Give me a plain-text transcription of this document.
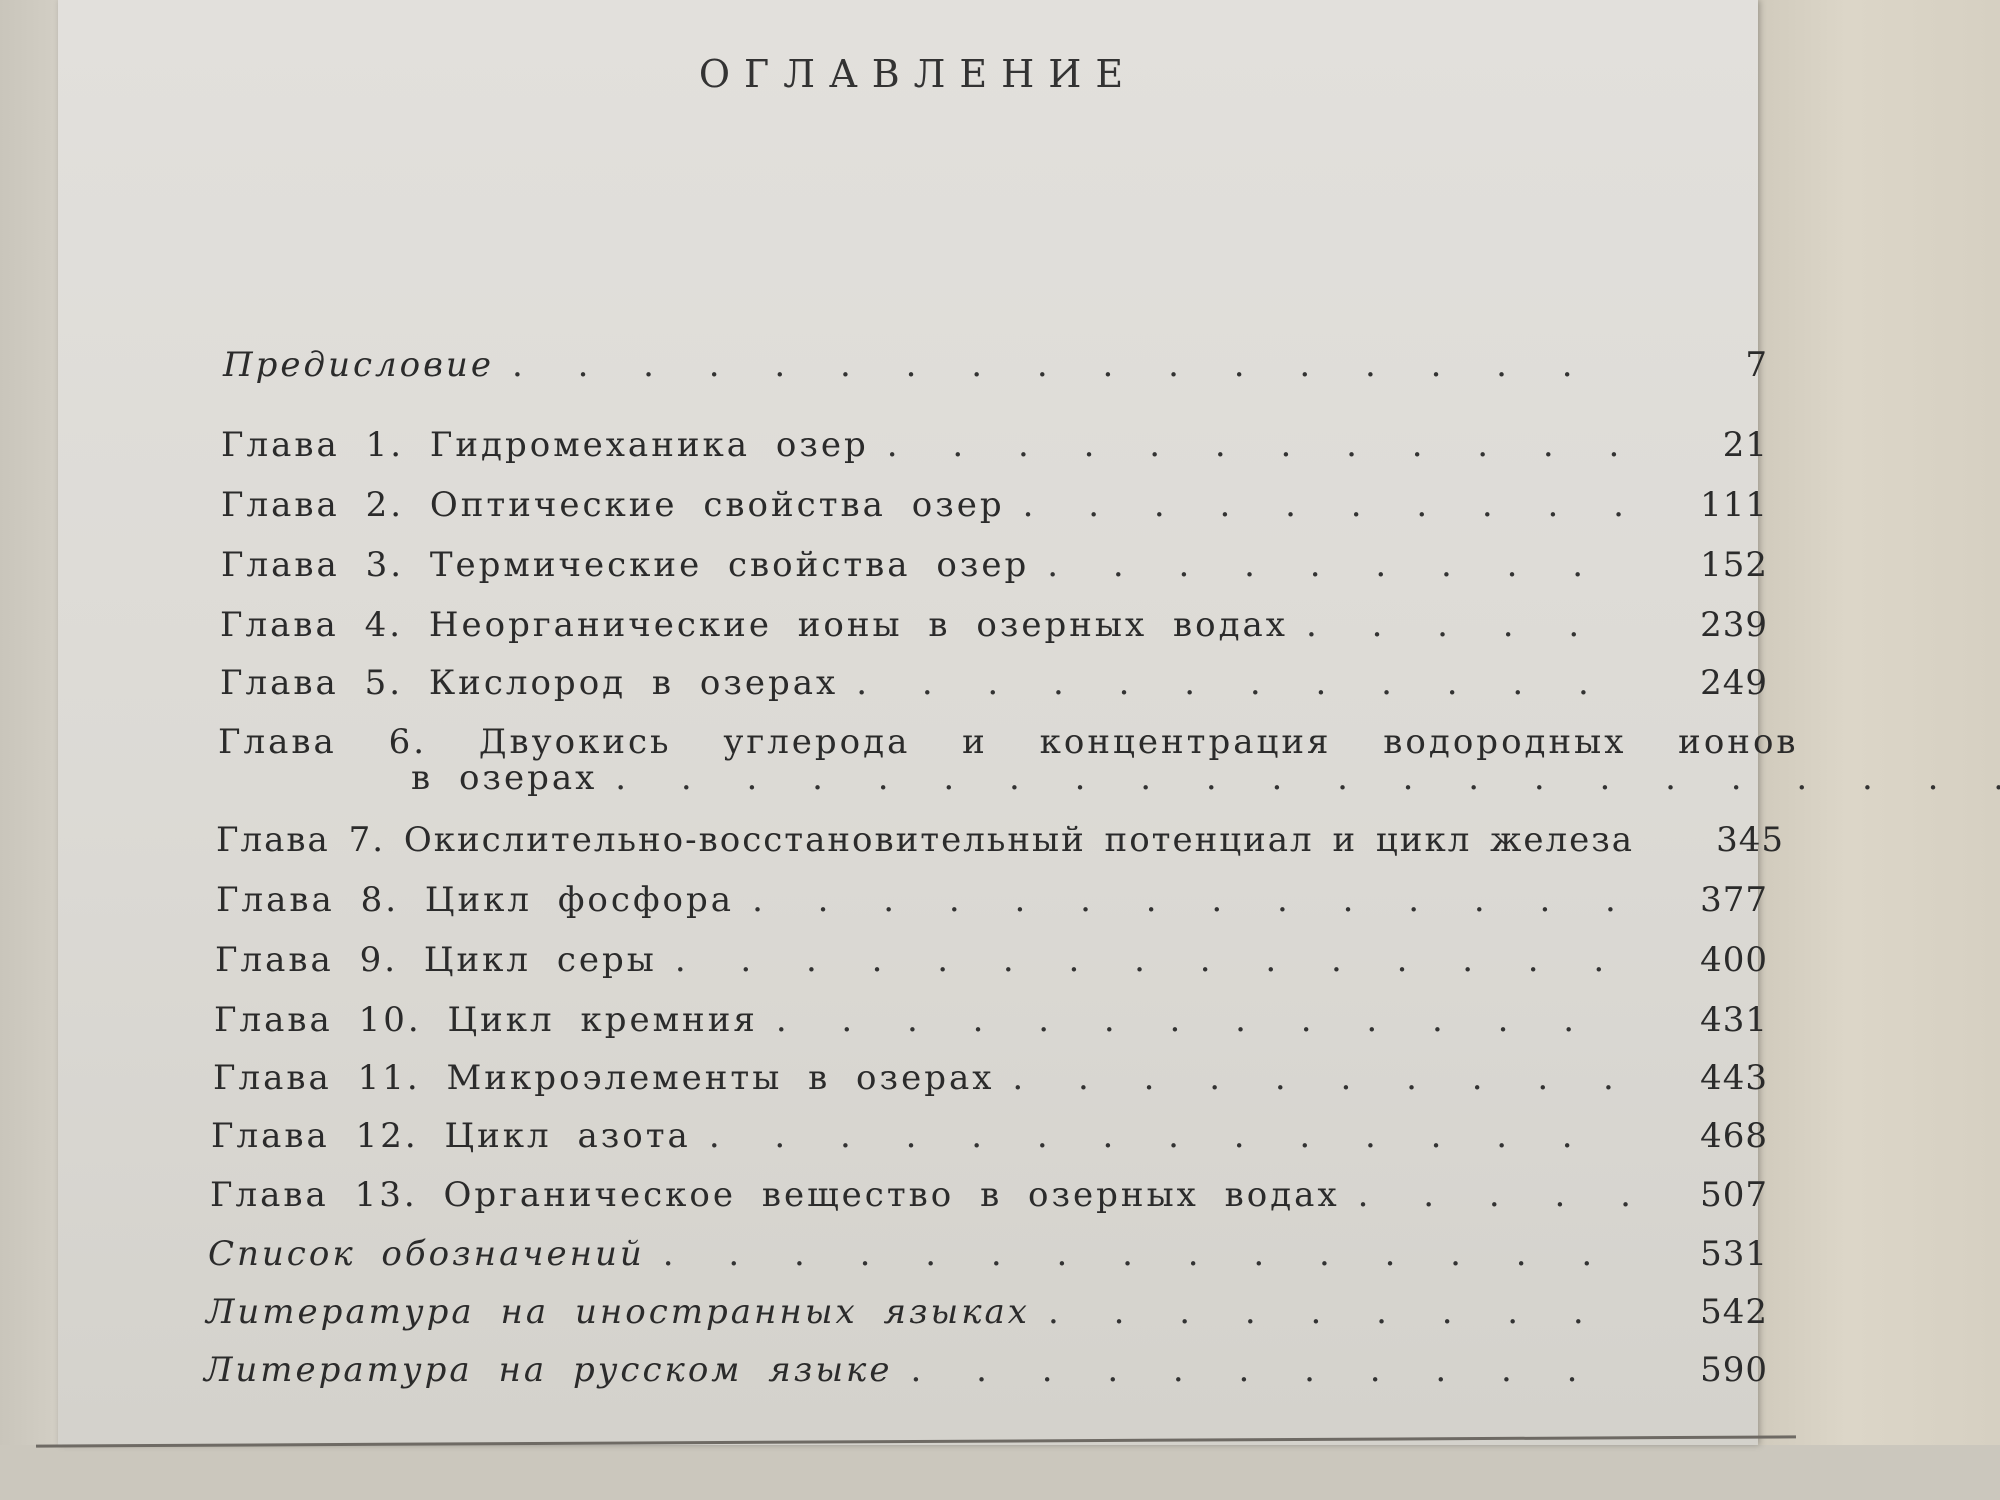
ОГЛАВЛЕНИЕ
Предисловие . . .	7
Глава 1. Гидромеханика озер . . .	21
Глава 2. Оптические свойства озер . . .	111
Глава 3. Термические свойства озер . . .	152
Глава 4. Неорганические ионы в озерных водах . . .	239
Глава 5. Кислород в озерах . . .	249
Глава 6. Двуокись углерода и концентрация водородных ионов
в озерах
. . .
Глава 7. Окислительно-восстановительный потенциал и цикл железа	345
Глава 8. Цикл фосфора . . .	377
Глава 9. Цикл серы . . .	400
Глава 10. Цикл кремния . . .	431
Глава 11. Микроэлементы в озерах . . .	443
Глава 12. Цикл азота . . .	468
Глава 13. Органическое вещество в озерных водах . . .	507
Список обозначений . . .	531
Литература на иностранных языках . . .	542
Литература на русском языке . . .	590
